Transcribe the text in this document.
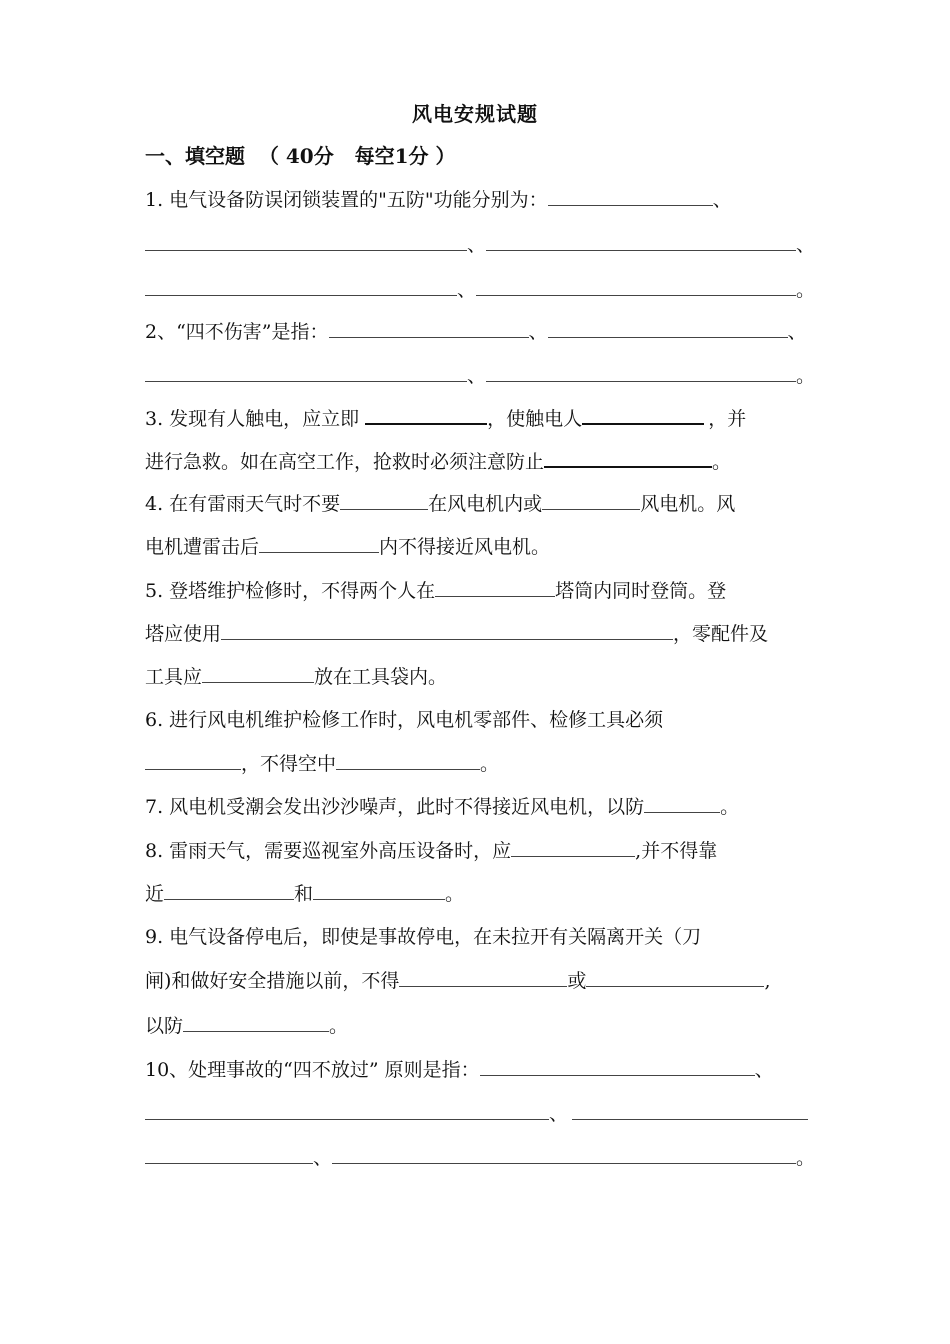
风电安规试题
一、填空题  （ 40分   每空1分 ）
1. 电气设备防误闭锁装置的"五防"功能分别为：	、
、	、
、	。
2、“四不伤害”是指：	、	、
、	。
3. 发现有人触电，应立即	，使触电人	，并
进行急救。如在高空工作，抢救时必须注意防止	。
4. 在有雷雨天气时不要	在风电机内或	风电机。风
电机遭雷击后	内不得接近风电机。
5. 登塔维护检修时，不得两个人在	塔筒内同时登筒。登
塔应使用	，零配件及
工具应	放在工具袋内。
6. 进行风电机维护检修工作时，风电机零部件、检修工具必须
，不得空中	。
7. 风电机受潮会发出沙沙噪声，此时不得接近风电机，以防	。
8. 雷雨天气，需要巡视室外高压设备时，应	,并不得靠
近	和	。
9. 电气设备停电后，即使是事故停电，在未拉开有关隔离开关（刀
闸)和做好安全措施以前，不得	或	,
以防	。
10、处理事故的“四不放过” 原则是指：	、
、
、	。
